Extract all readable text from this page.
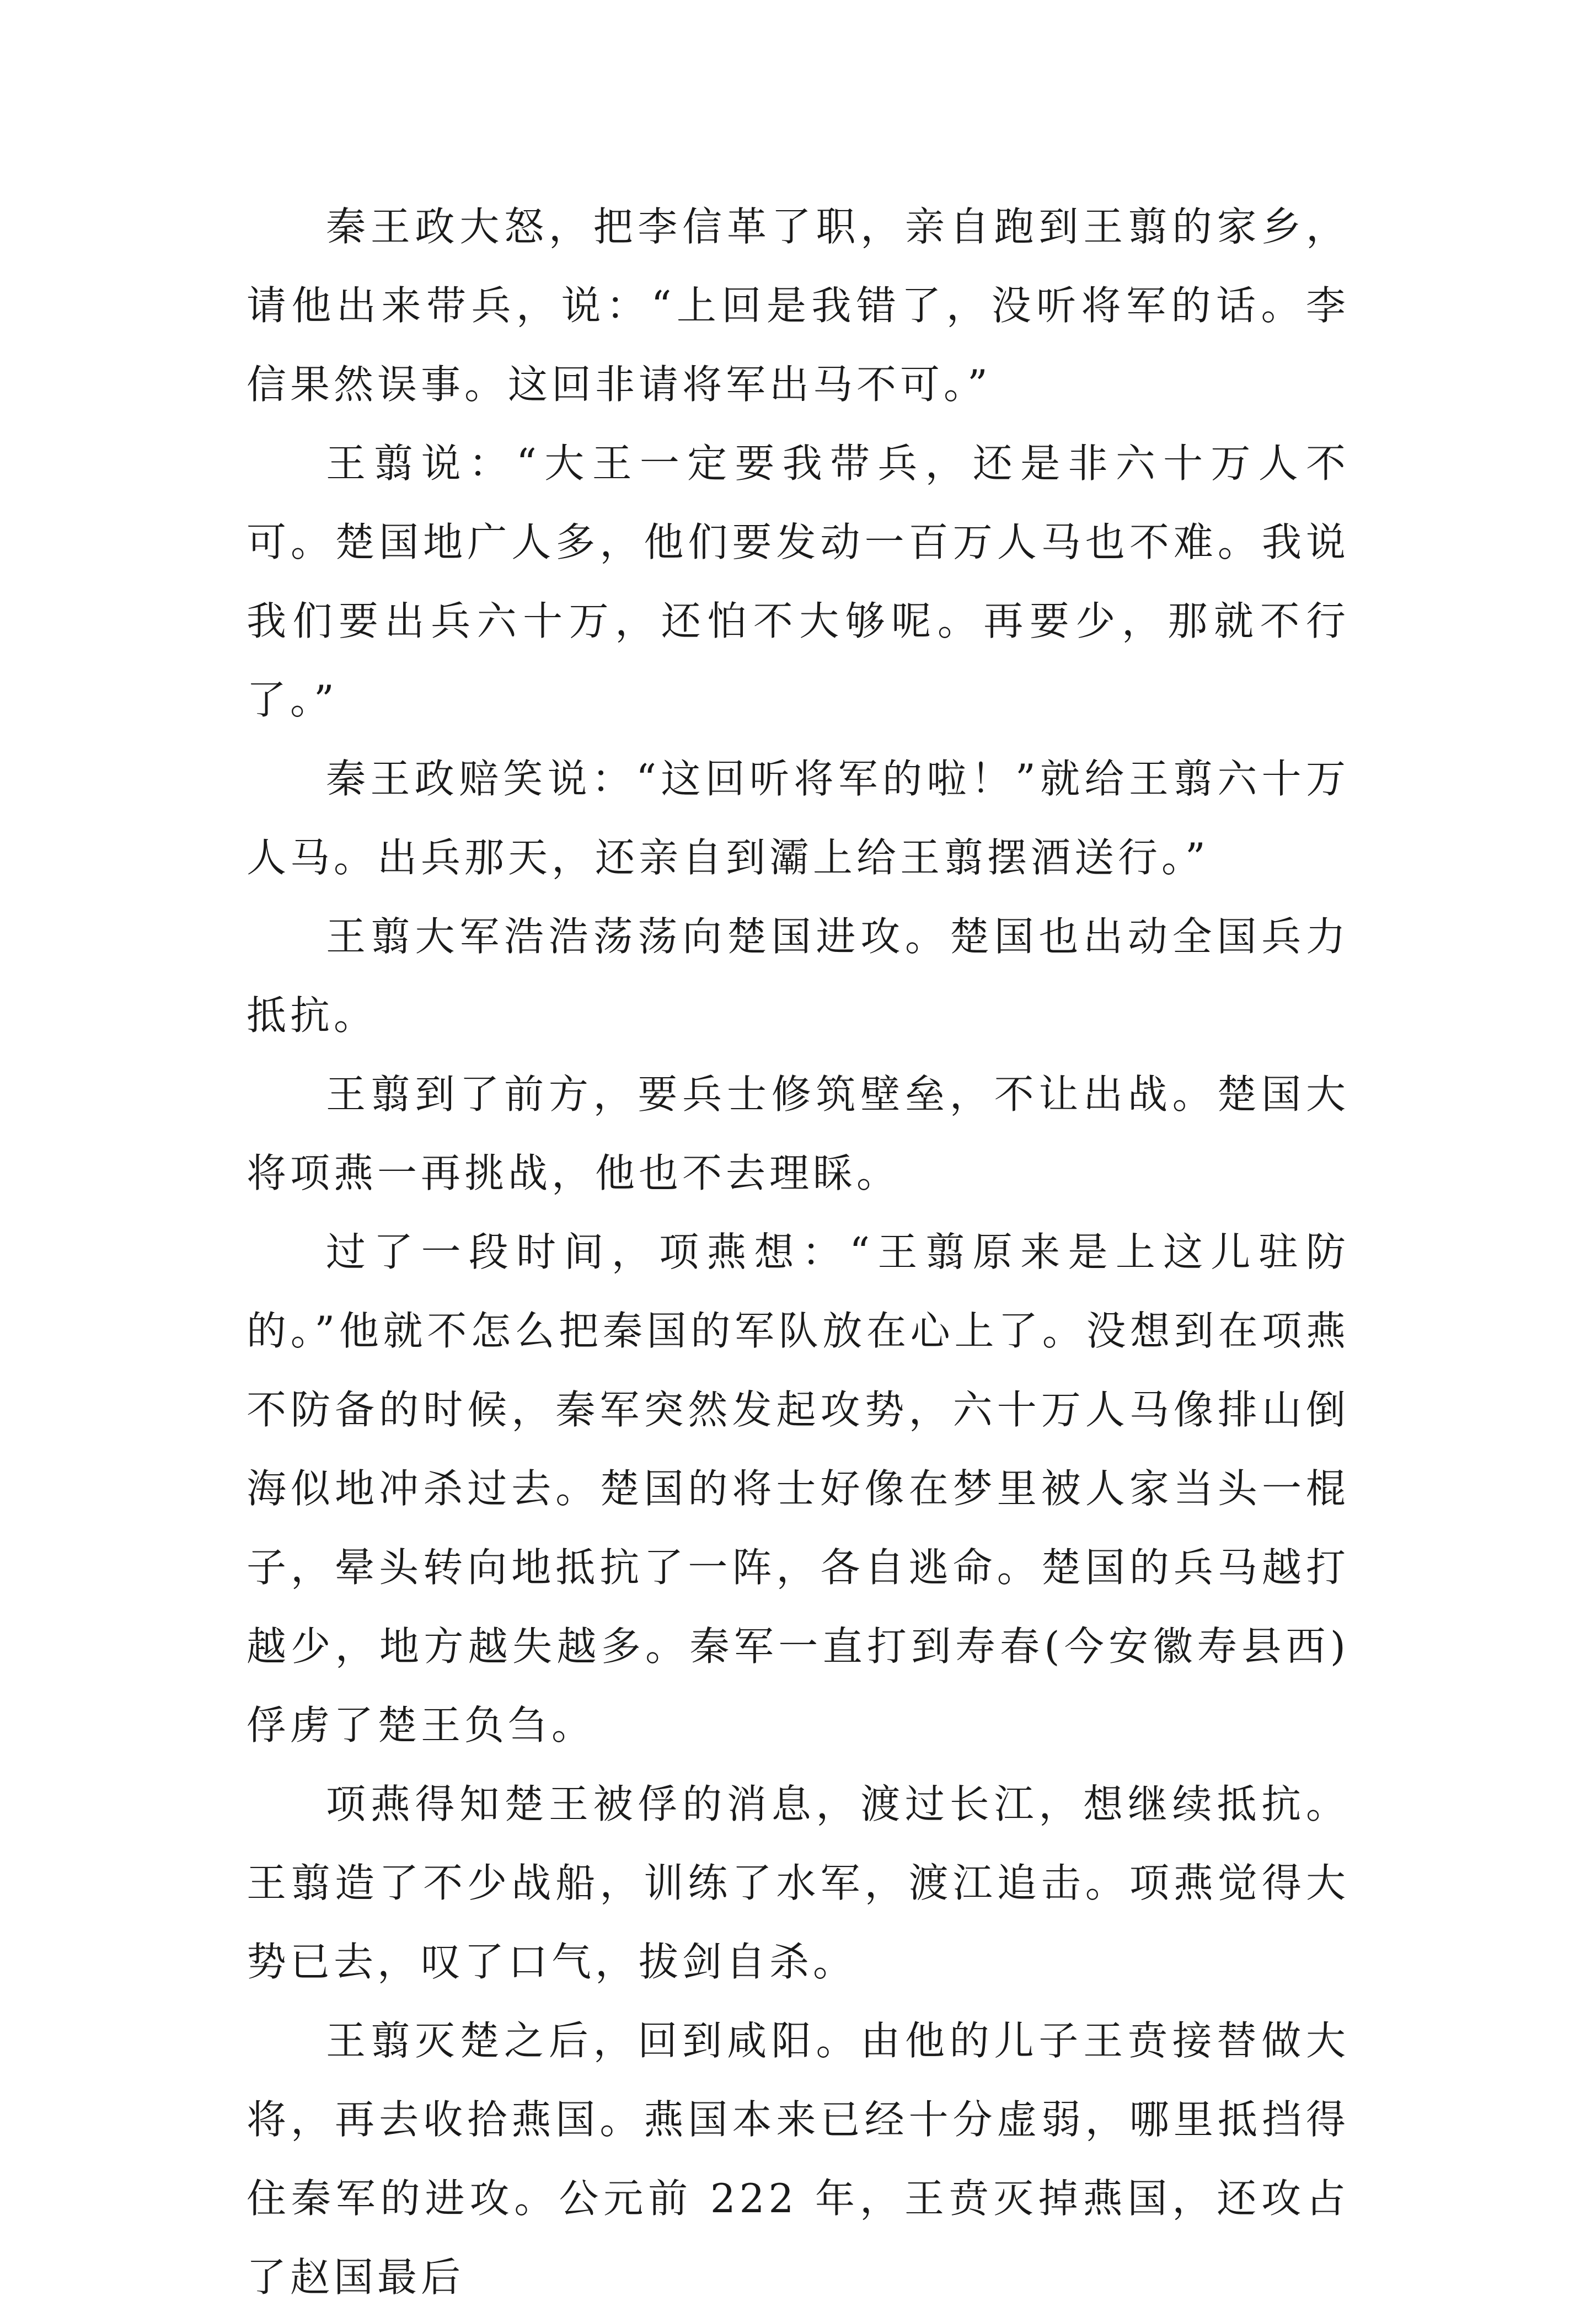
秦王政大怒，把李信革了职，亲自跑到王翦的家乡，请他出来带兵，说：“上回是我错了，没听将军的话。李信果然误事。这回非请将军出马不可。”

王翦说：“大王一定要我带兵，还是非六十万人不可。楚国地广人多，他们要发动一百万人马也不难。我说我们要出兵六十万，还怕不大够呢。再要少，那就不行了。”

秦王政赔笑说：“这回听将军的啦！”就给王翦六十万人马。出兵那天，还亲自到灞上给王翦摆酒送行。”

王翦大军浩浩荡荡向楚国进攻。楚国也出动全国兵力抵抗。

王翦到了前方，要兵士修筑壁垒，不让出战。楚国大将项燕一再挑战，他也不去理睬。

过了一段时间，项燕想：“王翦原来是上这儿驻防的。”他就不怎么把秦国的军队放在心上了。没想到在项燕不防备的时候，秦军突然发起攻势，六十万人马像排山倒海似地冲杀过去。楚国的将士好像在梦里被人家当头一棍子，晕头转向地抵抗了一阵，各自逃命。楚国的兵马越打越少，地方越失越多。秦军一直打到寿春(今安徽寿县西)俘虏了楚王负刍。

项燕得知楚王被俘的消息，渡过长江，想继续抵抗。王翦造了不少战船，训练了水军，渡江追击。项燕觉得大势已去，叹了口气，拔剑自杀。

王翦灭楚之后，回到咸阳。由他的儿子王贲接替做大将，再去收拾燕国。燕国本来已经十分虚弱，哪里抵挡得住秦军的进攻。公元前 222 年，王贲灭掉燕国，还攻占了赵国最后
